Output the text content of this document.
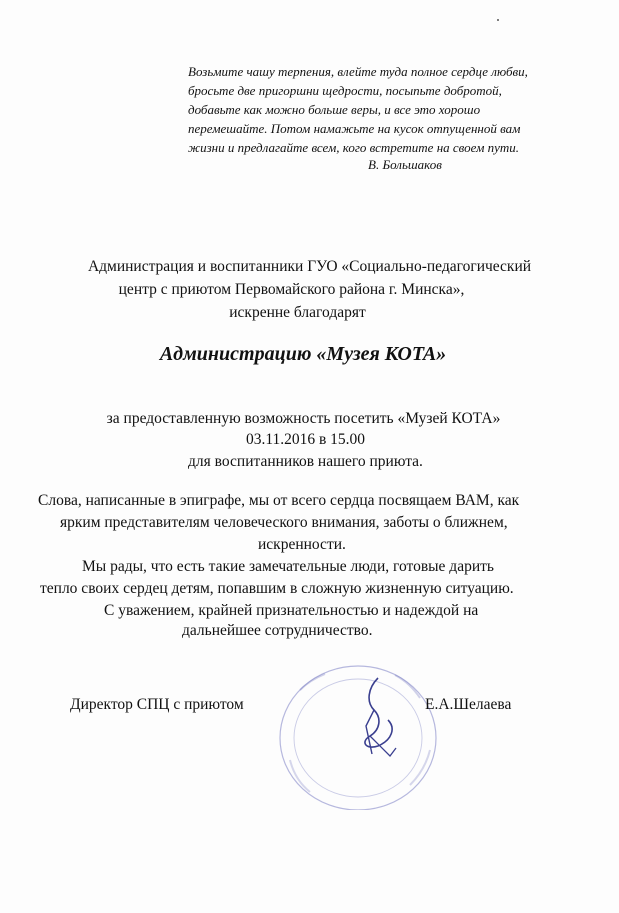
Возьмите чашу терпения, влейте туда полное сердце любви,
бросьте две пригоршни щедрости, посыпьте добротой,
добавьте как можно больше веры, и все это хорошо
перемешайте. Потом намажьте на кусок отпущенной вам
жизни и предлагайте всем, кого встретите на своем пути.
В. Большаков
Администрация и воспитанники ГУО «Социально-педагогический
центр с приютом Первомайского района г. Минска»,
искренне благодарят
Администрацию «Музея КОТА»
за предоставленную возможность посетить «Музей КОТА»
03.11.2016 в 15.00
для воспитанников нашего приюта.
Слова, написанные в эпиграфе, мы от всего сердца посвящаем ВАМ, как
ярким представителям человеческого внимания, заботы о ближнем,
искренности.
Мы рады, что есть такие замечательные люди, готовые дарить
тепло своих сердец детям, попавшим в сложную жизненную ситуацию.
С уважением, крайней признательностью и надеждой на
дальнейшее сотрудничество.
Директор СПЦ с приютом	Е.А.Шелаева
